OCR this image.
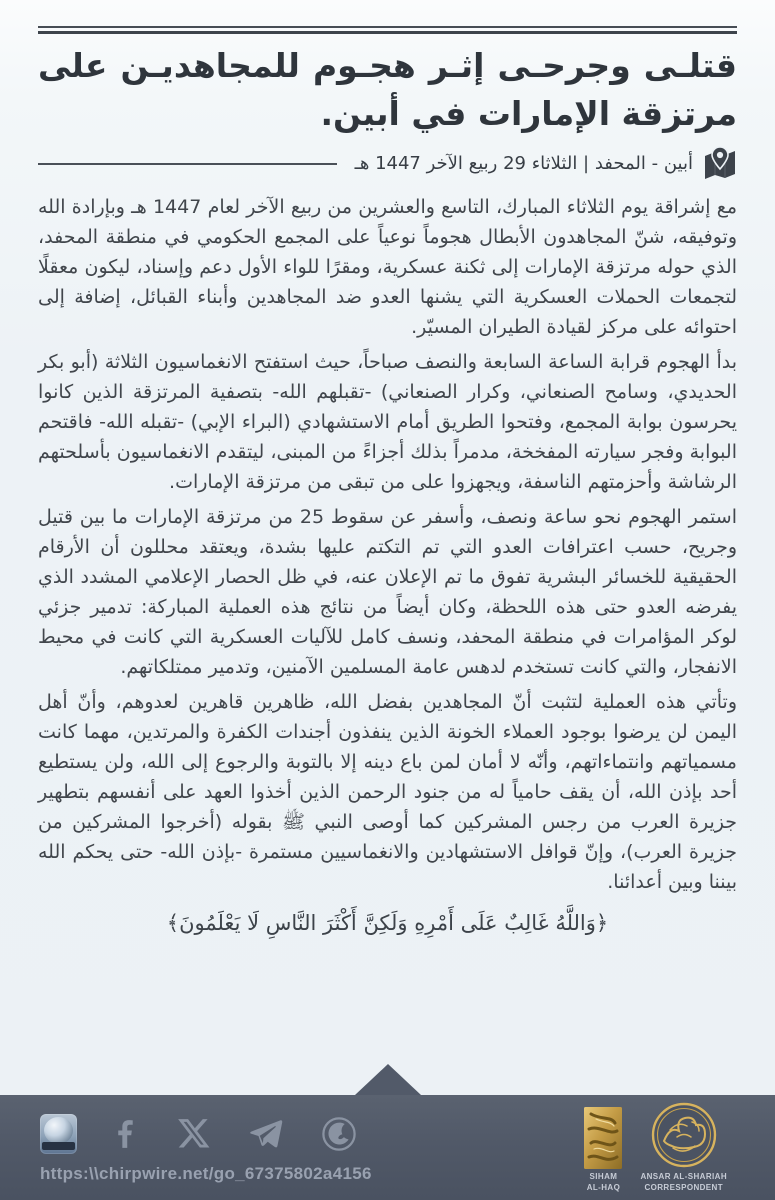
قتلـى وجرحـى إثـر هجـوم للمجاهديـن على مرتزقة الإمارات في أبين.
أبين - المحفد | الثلاثاء 29 ربيع الآخر 1447 هـ

مع إشراقة يوم الثلاثاء المبارك، التاسع والعشرين من ربيع الآخر لعام 1447 هـ وبإرادة الله وتوفيقه، شنّ المجاهدون الأبطال هجوماً نوعياً على المجمع الحكومي في منطقة المحفد، الذي حوله مرتزقة الإمارات إلى ثكنة عسكرية، ومقرًا للواء الأول دعم وإسناد، ليكون معقلًا لتجمعات الحملات العسكرية التي يشنها العدو ضد المجاهدين وأبناء القبائل، إضافة إلى احتوائه على مركز لقيادة الطيران المسيّر.

بدأ الهجوم قرابة الساعة السابعة والنصف صباحاً، حيث استفتح الانغماسيون الثلاثة (أبو بكر الحديدي، وسامح الصنعاني، وكرار الصنعاني) -تقبلهم الله- بتصفية المرتزقة الذين كانوا يحرسون بوابة المجمع، وفتحوا الطريق أمام الاستشهادي (البراء الإبي) -تقبله الله- فاقتحم البوابة وفجر سيارته المفخخة، مدمراً بذلك أجزاءً من المبنى، ليتقدم الانغماسيون بأسلحتهم الرشاشة وأحزمتهم الناسفة، ويجهزوا على من تبقى من مرتزقة الإمارات.

استمر الهجوم نحو ساعة ونصف، وأسفر عن سقوط 25 من مرتزقة الإمارات ما بين قتيل وجريح، حسب اعترافات العدو التي تم التكتم عليها بشدة، ويعتقد محللون أن الأرقام الحقيقية للخسائر البشرية تفوق ما تم الإعلان عنه، في ظل الحصار الإعلامي المشدد الذي يفرضه العدو حتى هذه اللحظة، وكان أيضاً من نتائج هذه العملية المباركة: تدمير جزئي لوكر المؤامرات في منطقة المحفد، ونسف كامل للآليات العسكرية التي كانت في محيط الانفجار، والتي كانت تستخدم لدهس عامة المسلمين الآمنين، وتدمير ممتلكاتهم.

وتأتي هذه العملية لتثبت أنّ المجاهدين بفضل الله، ظاهرين قاهرين لعدوهم، وأنّ أهل اليمن لن يرضوا بوجود العملاء الخونة الذين ينفذون أجندات الكفرة والمرتدين، مهما كانت مسمياتهم وانتماءاتهم، وأنّه لا أمان لمن باع دينه إلا بالتوبة والرجوع إلى الله، ولن يستطيع أحد بإذن الله، أن يقف حامياً له من جنود الرحمن الذين أخذوا العهد على أنفسهم بتطهير جزيرة العرب من رجس المشركين كما أوصى النبي ﷺ بقوله (أخرجوا المشركين من جزيرة العرب)، وإنّ قوافل الاستشهادين والانغماسيين مستمرة -بإذن الله- حتى يحكم الله بيننا وبين أعدائنا.

﴿وَاللَّهُ غَالِبٌ عَلَى أَمْرِهِ وَلَكِنَّ أَكْثَرَ النَّاسِ لَا يَعْلَمُونَ﴾
https:\\chirpwire.net/go_67375802a4156	SIHAM
AL-HAQ
ANSAR AL-SHARIAH
CORRESPONDENT
